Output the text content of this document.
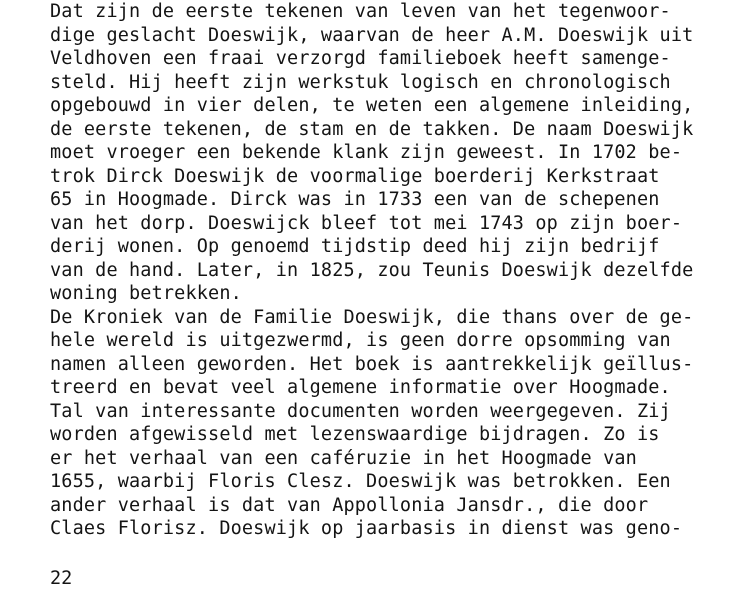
Dat zijn de eerste tekenen van leven van het tegenwoor-
dige geslacht Doeswijk, waarvan de heer A.M. Doeswijk uit
Veldhoven een fraai verzorgd familieboek heeft samenge-
steld. Hij heeft zijn werkstuk logisch en chronologisch
opgebouwd in vier delen, te weten een algemene inleiding,
de eerste tekenen, de stam en de takken. De naam Doeswijk
moet vroeger een bekende klank zijn geweest. In 1702 be-
trok Dirck Doeswijk de voormalige boerderij Kerkstraat
65 in Hoogmade. Dirck was in 1733 een van de schepenen
van het dorp. Doeswijck bleef tot mei 1743 op zijn boer-
derij wonen. Op genoemd tijdstip deed hij zijn bedrijf
van de hand. Later, in 1825, zou Teunis Doeswijk dezelfde
woning betrekken.
De Kroniek van de Familie Doeswijk, die thans over de ge-
hele wereld is uitgezwermd, is geen dorre opsomming van
namen alleen geworden. Het boek is aantrekkelijk geïllus-
treerd en bevat veel algemene informatie over Hoogmade.
Tal van interessante documenten worden weergegeven. Zij
worden afgewisseld met lezenswaardige bijdragen. Zo is
er het verhaal van een caféruzie in het Hoogmade van
1655, waarbij Floris Clesz. Doeswijk was betrokken. Een
ander verhaal is dat van Appollonia Jansdr., die door
Claes Florisz. Doeswijk op jaarbasis in dienst was geno-
22
